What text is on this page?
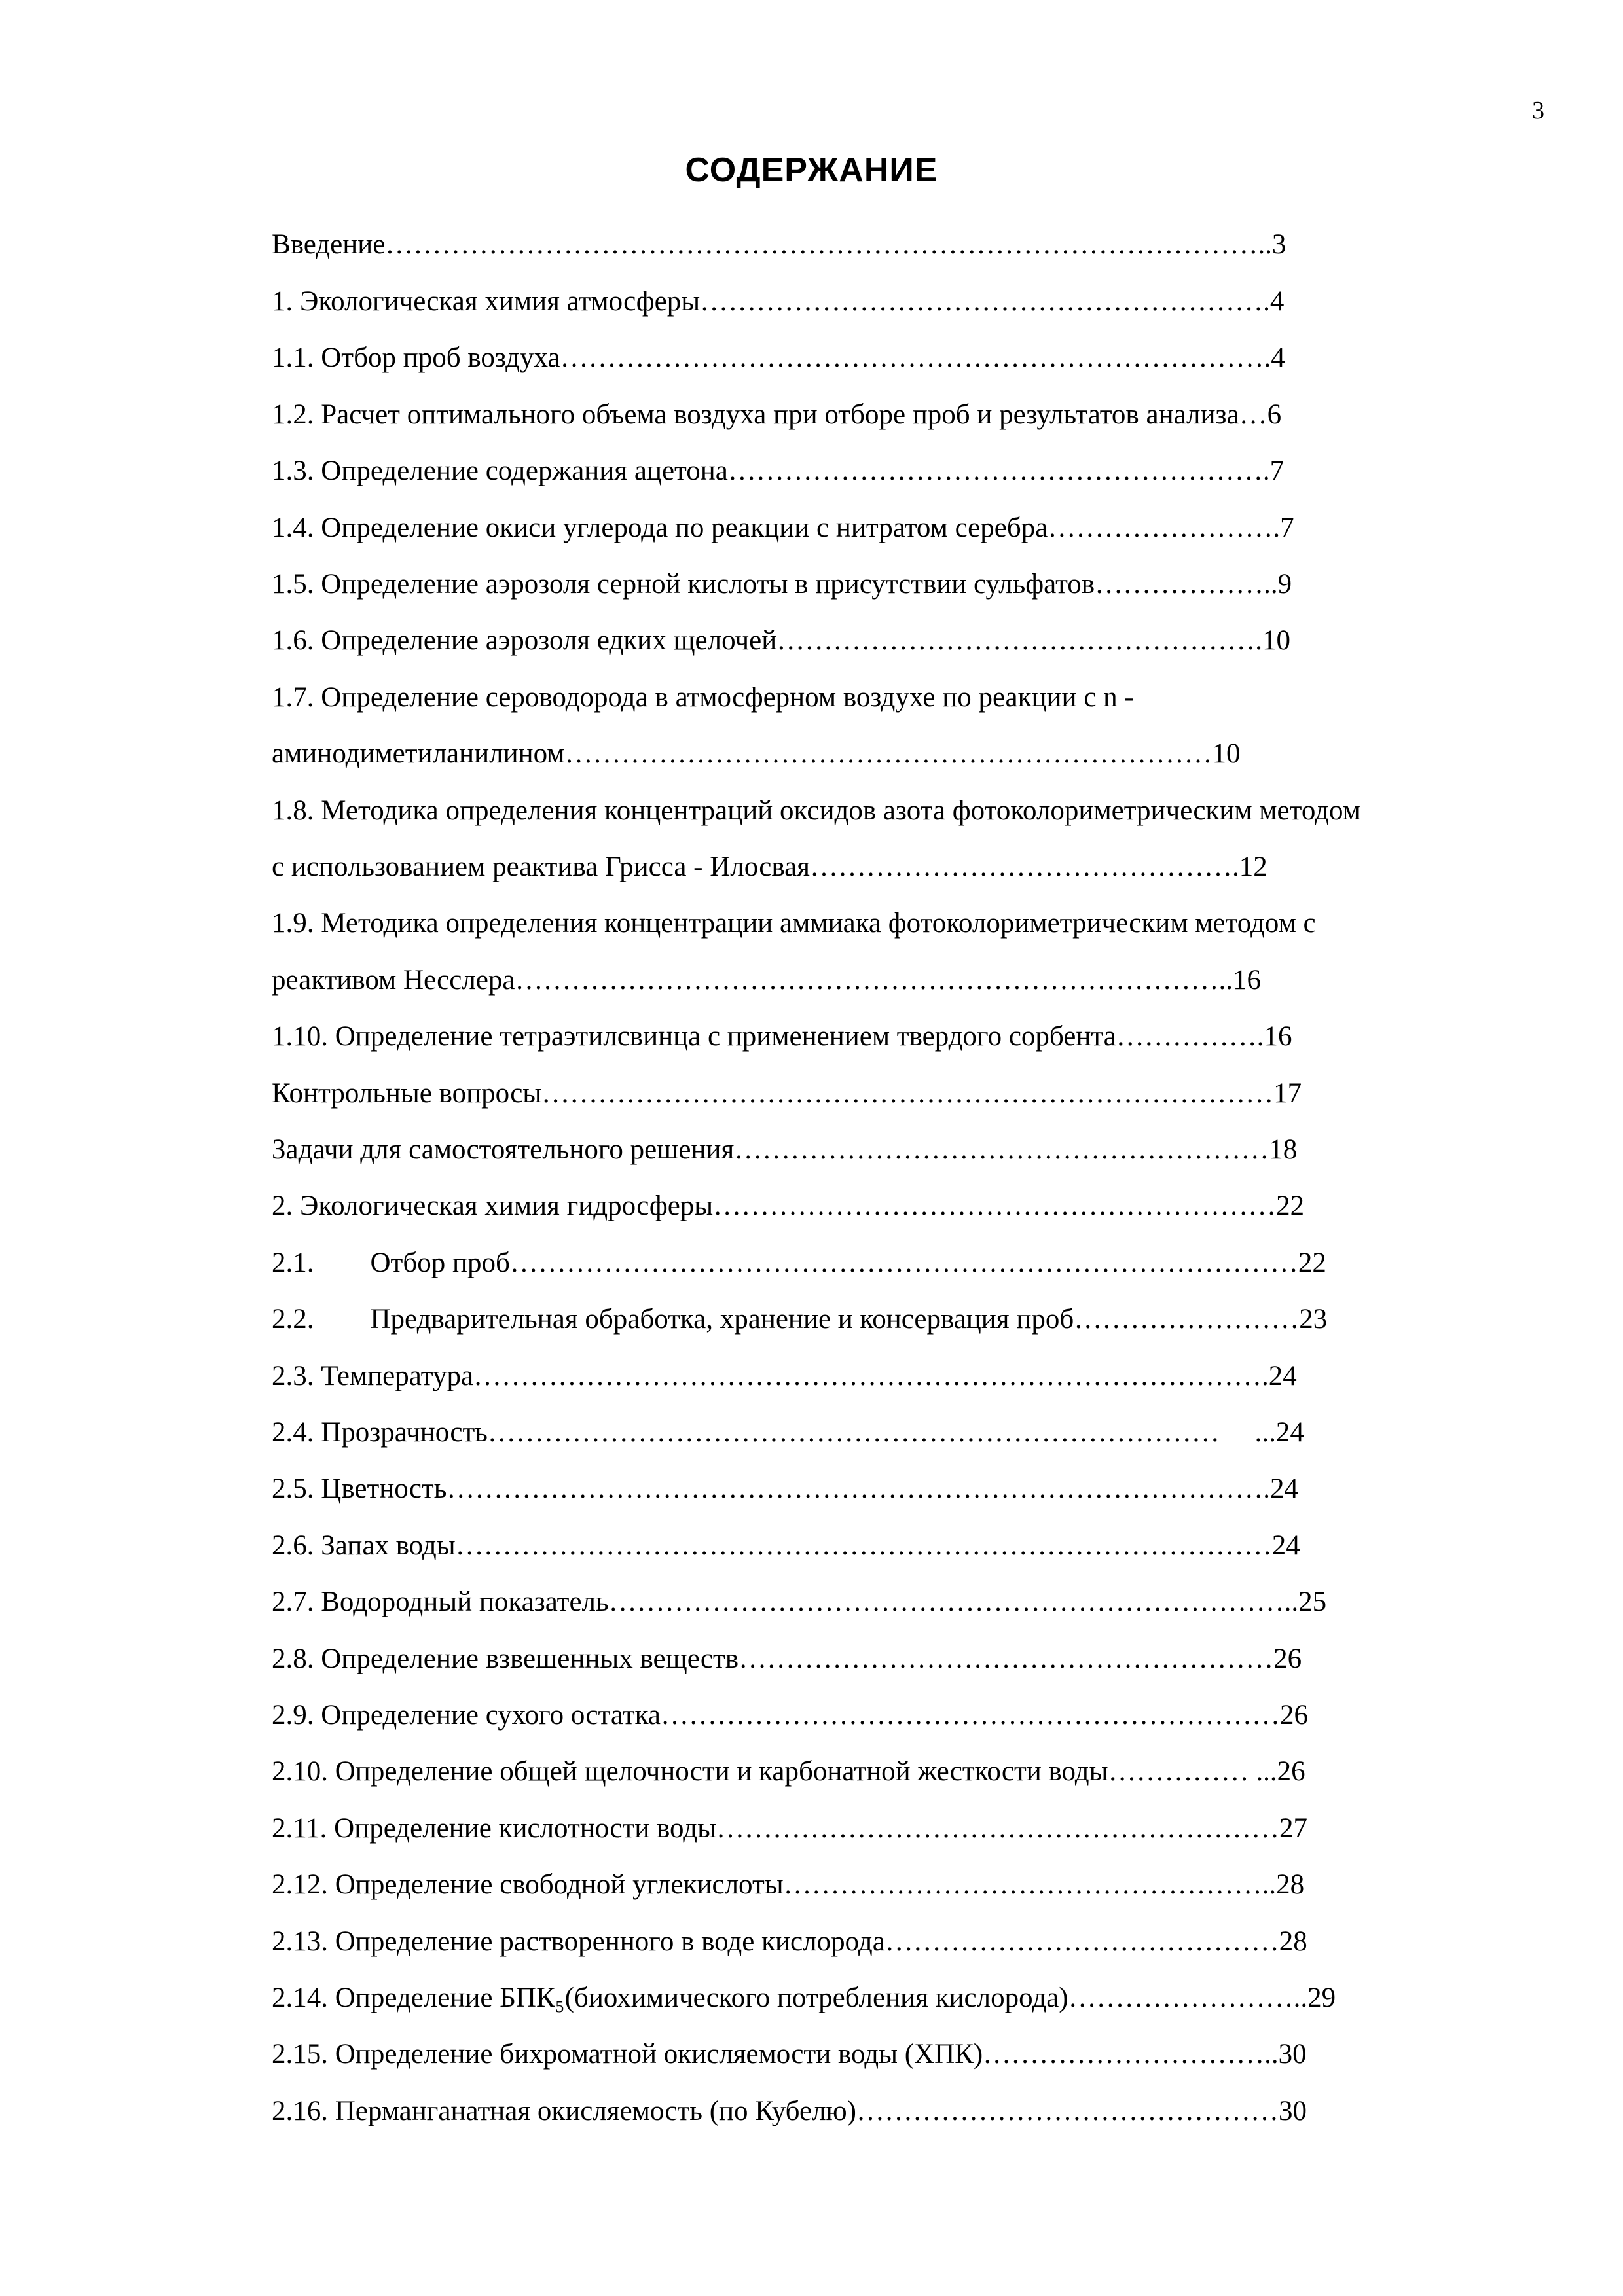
3
СОДЕРЖАНИЕ
Введение…………………………………………………………………………………..3
1. Экологическая химия атмосферы…………………………………………………….4
1.1. Отбор проб воздуха………………………………………………………………….4
1.2. Расчет оптимального объема воздуха при отборе проб и результатов анализа…6
1.3. Определение содержания ацетона………………………………………………….7
1.4. Определение окиси углерода по реакции с нитратом серебра…………………….7
1.5. Определение аэрозоля серной кислоты в присутствии сульфатов………………..9
1.6. Определение аэрозоля едких щелочей…………………………………………….10
1.7. Определение сероводорода в атмосферном воздухе по реакции с n -
аминодиметиланилином……………………………………………………………10
1.8. Методика определения концентраций оксидов азота фотоколориметрическим методом
с использованием реактива Грисса - Илосвая……………………………………….12
1.9. Методика определения концентрации аммиака фотоколориметрическим методом с
реактивом Несслера…………………………………………………………………..16
1.10. Определение тетраэтилсвинца с применением твердого сорбента…………….16
Контрольные вопросы……………………………………………………………………17
Задачи для самостоятельного решения…………………………………………………18
2. Экологическая химия гидросферы……………………………………………………22
2.1.        Отбор проб…………………………………………………………………………22
2.2.        Предварительная обработка, хранение и консервация проб……………………23
2.3. Температура………………………………………………………………………….24
2.4. Прозрачность……………………………………………………………………     ...24
2.5. Цветность…………………………………………………………………………….24
2.6. Запах воды……………………………………………………………………………24
2.7. Водородный показатель………………………………………………………………..25
2.8. Определение взвешенных веществ…………………………………………………26
2.9. Определение сухого остатка…………………………………………………………26
2.10. Определение общей щелочности и карбонатной жесткости воды…………… ...26
2.11. Определение кислотности воды……………………………………………………27
2.12. Определение свободной углекислоты……………………………………………..28
2.13. Определение растворенного в воде кислорода……………………………………28
2.14. Определение БПК₅(биохимического потребления кислорода)……………………..29
2.15. Определение бихроматной окисляемости воды (ХПК)…………………………..30
2.16. Перманганатная окисляемость (по Кубелю)………………………………………30
